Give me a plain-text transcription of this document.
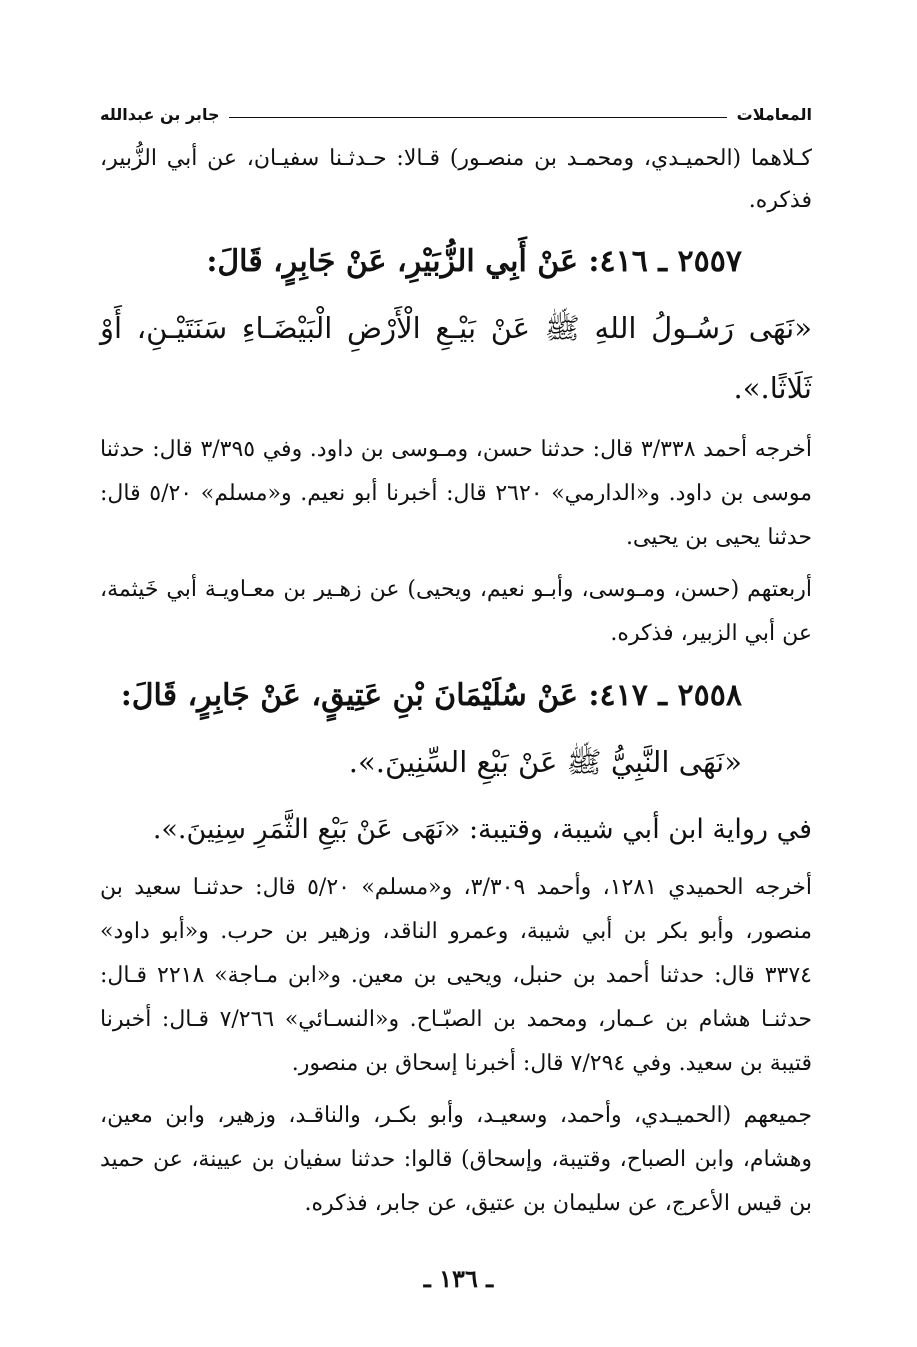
المعاملات
جابر بن عبدالله

كـلاهما (الحميـدي، ومحمـد بن منصـور) قـالا: حـدثـنا سفيـان، عن أبي الزُّبير، فذكره.

٢٥٥٧ ـ ٤١٦: عَنْ أَبِي الزُّبَيْرِ، عَنْ جَابِرٍ، قَالَ:

«نَهَى رَسُـولُ اللهِ ﷺ عَنْ بَيْـعِ الْأَرْضِ الْبَيْضَـاءِ سَنَتَيْـنِ، أَوْ ثَلَاثًا.».

أخرجه أحمد ٣/٣٣٨ قال: حدثنا حسن، ومـوسى بن داود. وفي ٣/٣٩٥ قال: حدثنا موسى بن داود. و«الدارمي» ٢٦٢٠ قال: أخبرنا أبو نعيم. و«مسلم» ٥/٢٠ قال: حدثنا يحيى بن يحيى.

أربعتهم (حسن، ومـوسى، وأبـو نعيم، ويحيى) عن زهـير بن معـاويـة أبي خَيثمة، عن أبي الزبير، فذكره.

٢٥٥٨ ـ ٤١٧: عَنْ سُلَيْمَانَ بْنِ عَتِيقٍ، عَنْ جَابِرٍ، قَالَ:

«نَهَى النَّبِيُّ ﷺ عَنْ بَيْعِ السِّنِينَ.».

في رواية ابن أبي شيبة، وقتيبة: «نَهَى عَنْ بَيْعِ الثَّمَرِ سِنِينَ.».

أخرجه الحميدي ١٢٨١، وأحمد ٣/٣٠٩، و«مسلم» ٥/٢٠ قال: حدثنـا سعيد بن منصور، وأبو بكر بن أبي شيبة، وعمرو الناقد، وزهير بن حرب. و«أبو داود» ٣٣٧٤ قال: حدثنا أحمد بن حنبل، ويحيى بن معين. و«ابن مـاجة» ٢٢١٨ قـال: حدثنـا هشام بن عـمار، ومحمد بن الصبّـاح. و«النسـائي» ٧/٢٦٦ قـال: أخبرنا قتيبة بن سعيد. وفي ٧/٢٩٤ قال: أخبرنا إسحاق بن منصور.

جميعهم (الحميـدي، وأحمد، وسعيـد، وأبو بكـر، والناقـد، وزهير، وابن معين، وهشام، وابن الصباح، وقتيبة، وإسحاق) قالوا: حدثنا سفيان بن عيينة، عن حميد بن قيس الأعرج، عن سليمان بن عتيق، عن جابر، فذكره.

ـ ١٣٦ ـ
